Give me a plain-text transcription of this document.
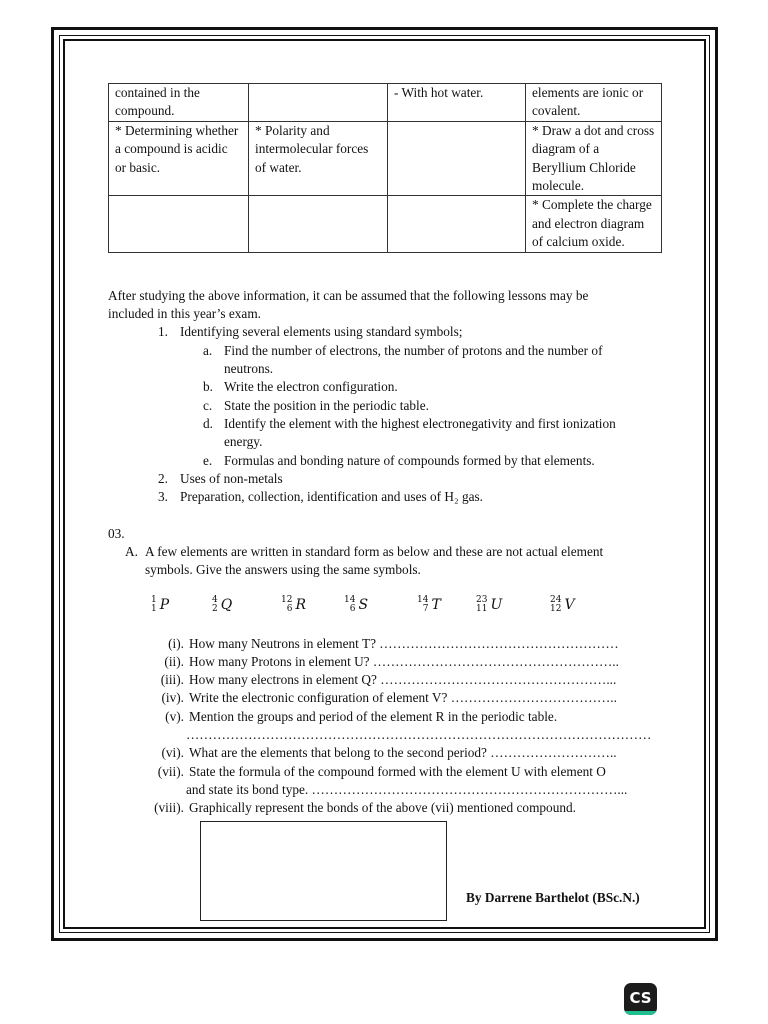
contained in the compound.		- With hot water.	elements are ionic or covalent.
* Determining whether a compound is acidic or basic.	* Polarity and intermolecular forces of water.		* Draw a dot and cross diagram of a Beryllium Chloride molecule.
			* Complete the charge and electron diagram of calcium oxide.
After studying the above information, it can be assumed that the following lessons may be
included in this year’s exam.
1. Identifying several elements using standard symbols;
a. Find the number of electrons, the number of protons and the number of neutrons.
b. Write the electron configuration.
c. State the position in the periodic table.
d. Identify the element with the highest electronegativity and first ionization energy.
e. Formulas and bonding nature of compounds formed by that elements.
2. Uses of non-metals
3. Preparation, collection, identification and uses of H₂ gas.
03.
A. A few elements are written in standard form as below and these are not actual element
symbols. Give the answers using the same symbols.
1
1 P	4
2 Q	12
6 R	14
6 S	14
7 T	23
11 U	24
12 V
(i). How many Neutrons in element T? ………………………………………………
(ii). How many Protons in element U? ………………………………………………..
(iii). How many electrons in element Q? ……………………………………………...
(iv). Write the electronic configuration of element V? ………………………………..
(v). Mention the groups and period of the element R in the periodic table.
……………………………………………………………………………………………
(vi). What are the elements that belong to the second period? ………………………..
(vii). State the formula of the compound formed with the element U with element O
and state its bond type. ……………………………………………………………...
(viii). Graphically represent the bonds of the above (vii) mentioned compound.
By Darrene Barthelot (BSc.N.)
CS
